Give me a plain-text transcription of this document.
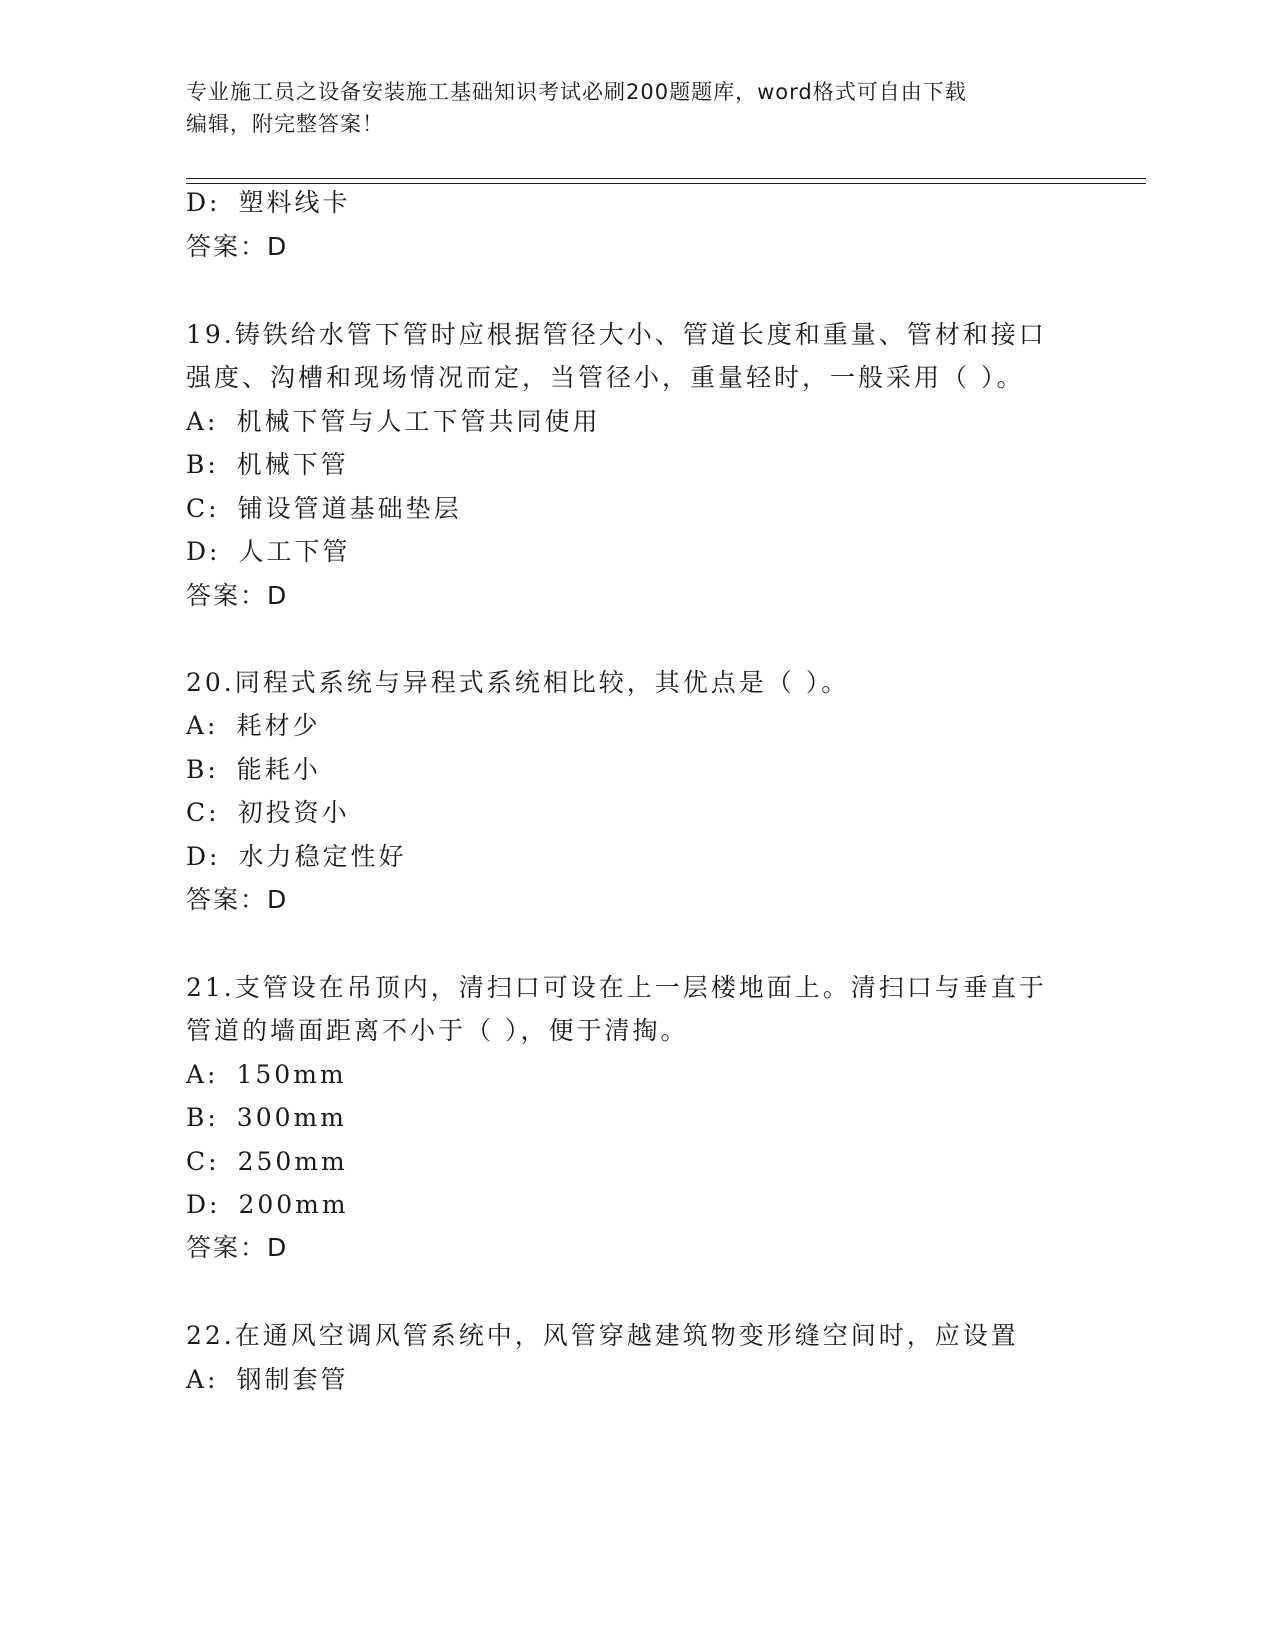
专业施工员之设备安装施工基础知识考试必刷200题题库，word格式可自由下载
编辑，附完整答案！
D: 塑料线卡
答案：D
19.铸铁给水管下管时应根据管径大小、管道长度和重量、管材和接口
强度、沟槽和现场情况而定，当管径小，重量轻时，一般采用（ ）。
A: 机械下管与人工下管共同使用
B: 机械下管
C: 铺设管道基础垫层
D: 人工下管
答案：D
20.同程式系统与异程式系统相比较，其优点是（ ）。
A: 耗材少
B: 能耗小
C: 初投资小
D: 水力稳定性好
答案：D
21.支管设在吊顶内，清扫口可设在上一层楼地面上。清扫口与垂直于
管道的墙面距离不小于（ ），便于清掏。
A: 150mm
B: 300mm
C: 250mm
D: 200mm
答案：D
22.在通风空调风管系统中，风管穿越建筑物变形缝空间时，应设置
A: 钢制套管
